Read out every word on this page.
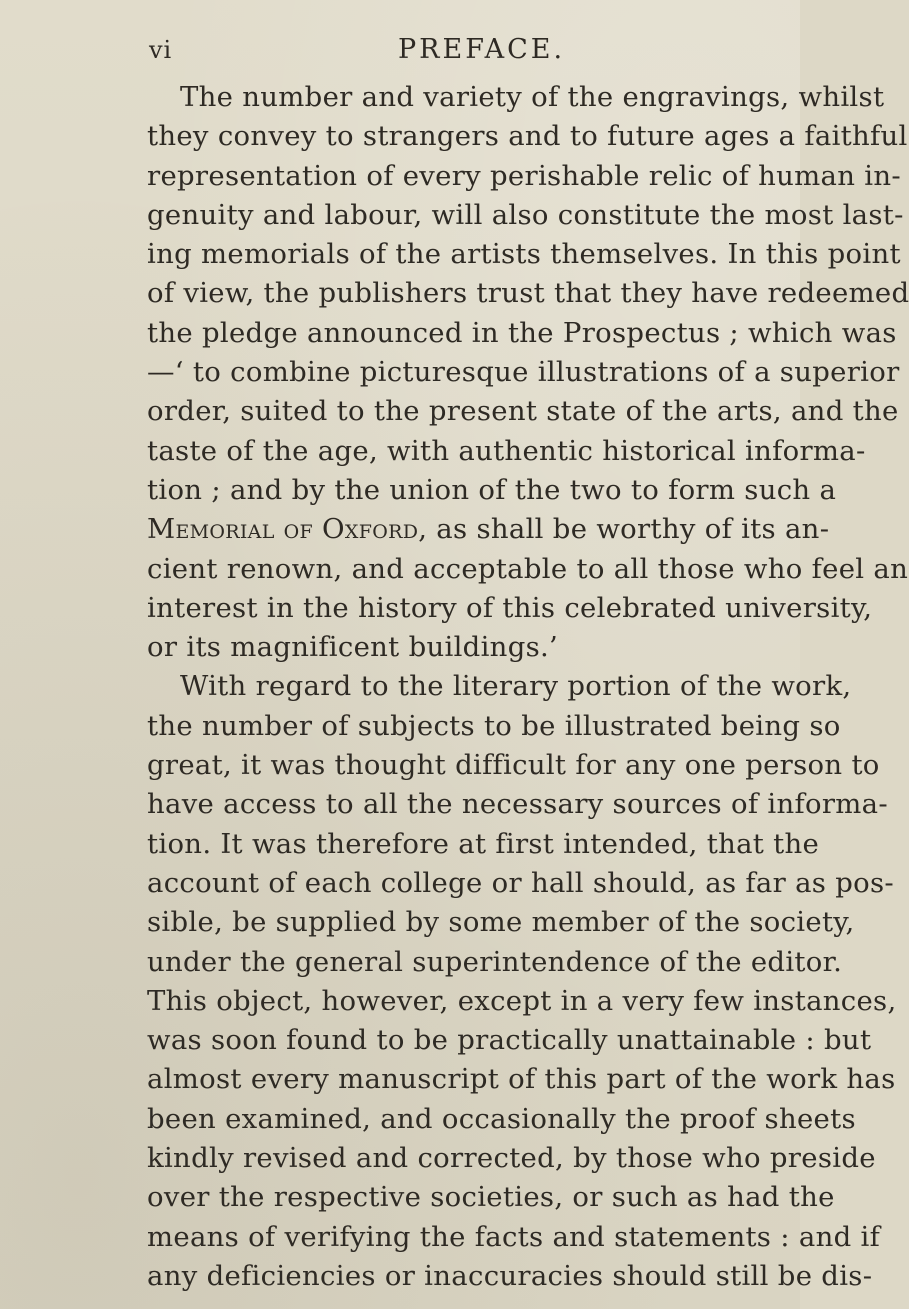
vi	PREFACE.
The number and variety of the engravings, whilst
they convey to strangers and to future ages a faithful
representation of every perishable relic of human in-
genuity and labour, will also constitute the most last-
ing memorials of the artists themselves. In this point
of view, the publishers trust that they have redeemed
the pledge announced in the Prospectus ; which was
—‘ to combine picturesque illustrations of a superior
order, suited to the present state of the arts, and the
taste of the age, with authentic historical informa-
tion ; and by the union of the two to form such a
Memorial of Oxford, as shall be worthy of its an-
cient renown, and acceptable to all those who feel an
interest in the history of this celebrated university,
or its magnificent buildings.’
With regard to the literary portion of the work,
the number of subjects to be illustrated being so
great, it was thought difficult for any one person to
have access to all the necessary sources of informa-
tion. It was therefore at first intended, that the
account of each college or hall should, as far as pos-
sible, be supplied by some member of the society,
under the general superintendence of the editor.
This object, however, except in a very few instances,
was soon found to be practically unattainable : but
almost every manuscript of this part of the work has
been examined, and occasionally the proof sheets
kindly revised and corrected, by those who preside
over the respective societies, or such as had the
means of verifying the facts and statements : and if
any deficiencies or inaccuracies should still be dis-
